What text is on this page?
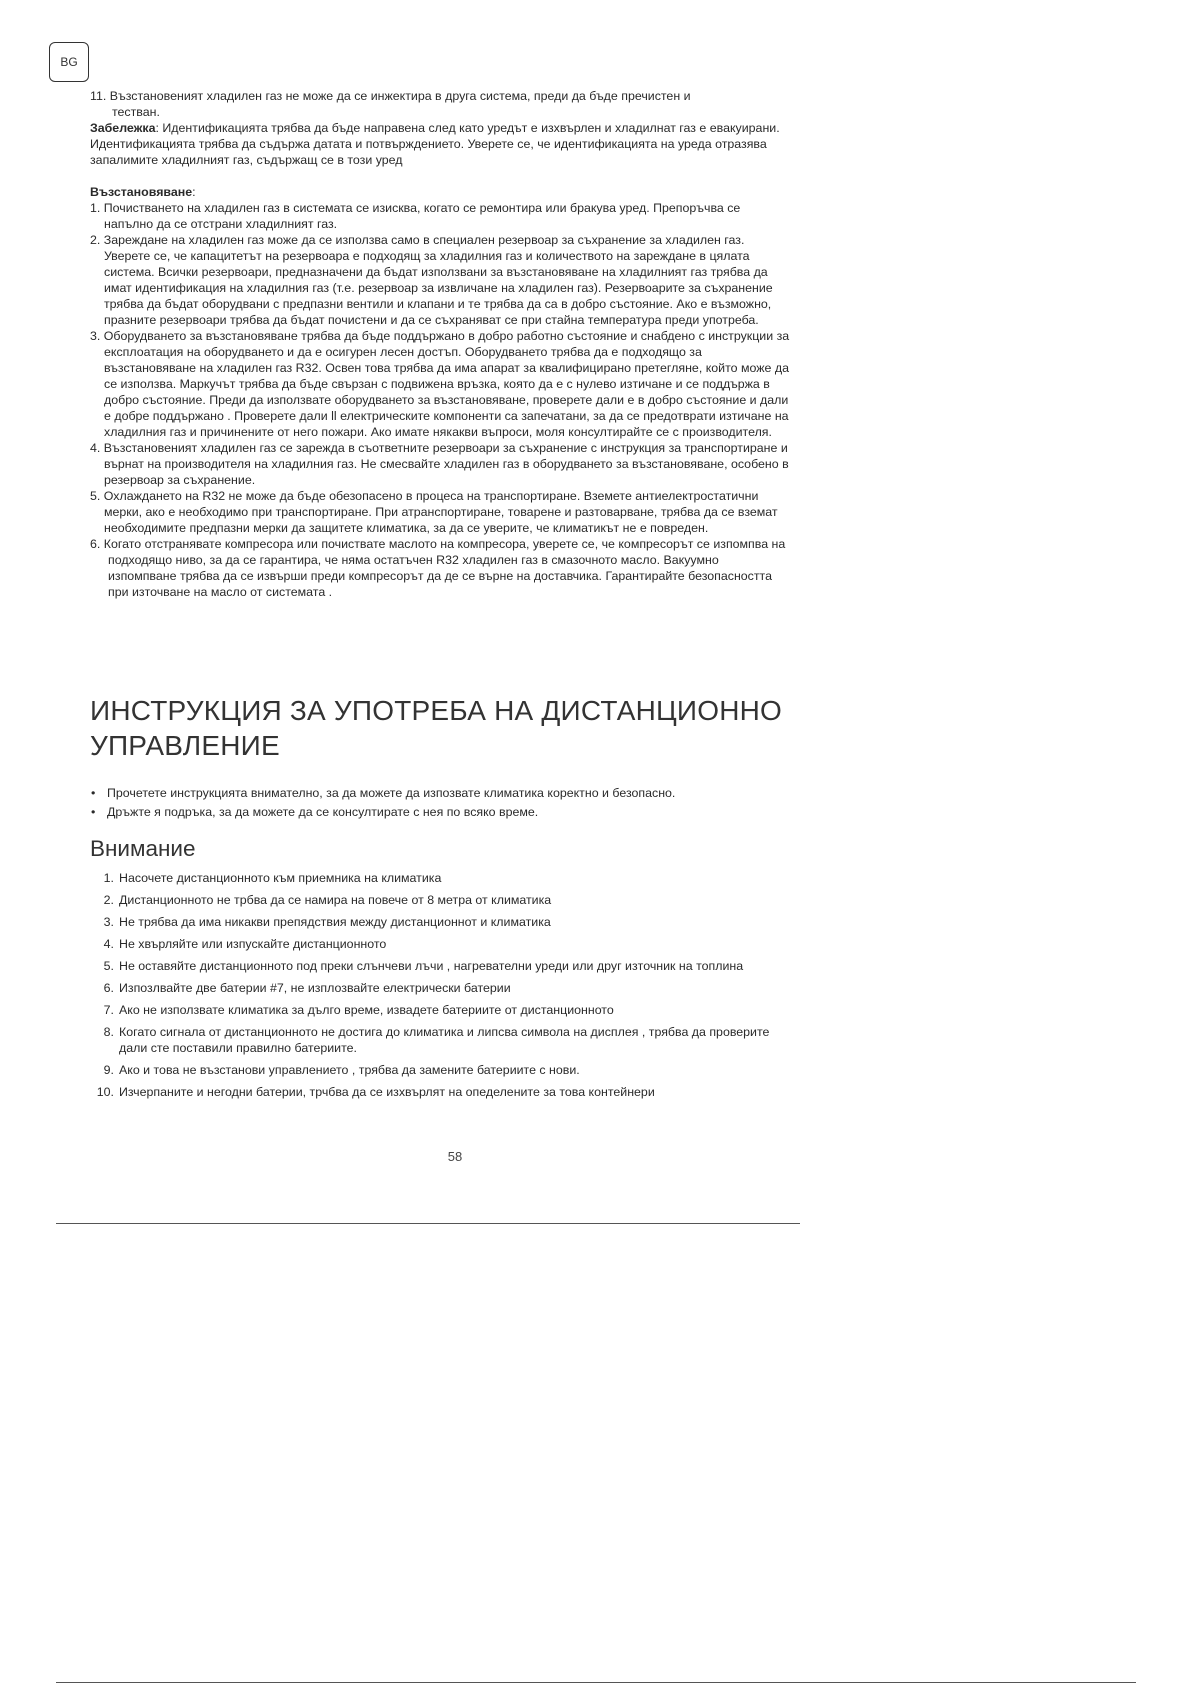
BG

11. Възстановеният хладилен газ не може да се инжектира в друга система, преди да бъде пречистен и

тестван.

Забележка: Идентификацията трябва да бъде направена след като уредът е изхвърлен и хладилнат газ е евакуирани. Идентификацията трябва да съдържа датата и потвърждението. Уверете се, че идентификацията на уреда отразява запалимите хладилният газ, съдържащ се в този уред

Възстановяване:

1. Почистването на хладилен газ в системата се изисква, когато се ремонтира или бракува уред. Препоръчва се напълно да се отстрани хладилният газ.

2. Зареждане на хладилен газ може да се използва само в специален резервоар за съхранение за хладилен газ. Уверете се, че капацитетът на резервоара е подходящ за хладилния газ и количеството на зареждане в цялата система. Всички резервоари, предназначени да бъдат използвани за възстановяване на хладилният газ трябва да имат идентификация на хладилния газ (т.е. резервоар за извличане на хладилен газ). Резервоарите за съхранение трябва да бъдат оборудвани с предпазни вентили и клапани и те трябва да са в добро състояние. Ако е възможно, празните резервоари трябва да бъдат почистени и да се съхраняват се при стайна температура преди употреба.

3. Оборудването за възстановяване трябва да бъде поддържано в добро работно състояние и снабдено с инструкции за експлоатация на оборудването и да е осигурен лесен достъп. Оборудването трябва да е подходящо за възстановяване на хладилен газ R32. Освен това трябва да има апарат за квалифицирано претегляне, който може да се използва. Маркучът трябва да бъде свързан с подвижена връзка, която да е с нулево изтичане и се поддържа в добро състояние. Преди да използвате оборудването за възстановяване, проверете дали е в добро състояние и дали е добре поддържано . Проверете дали ll електрическите компоненти са запечатани, за да се предотврати изтичане на хладилния газ и причинените от него пожари. Ако имате някакви въпроси, моля консултирайте се с производителя.

4. Възстановеният хладилен газ се зарежда в съответните резервоари за съхранение с инструкция за транспортиране и върнат на производителя на хладилния газ. Не смесвайте хладилен газ в оборудването за възстановяване, особено в резервоар за съхранение.

5. Охлаждането на R32 не може да бъде обезопасено в процеса на транспортиране. Вземете антиелектростатични мерки, ако е необходимо при транспортиране. При атранспортиране, товарене и разтоварване, трябва да се вземат необходимите предпазни мерки да защитете климатика, за да се уверите, че климатикът не е повреден.

6. Когато отстранявате компресора или почиствате маслото на компресора, уверете се, че компресорът се изпомпва на подходящо ниво, за да се гарантира, че няма остатъчен R32 хладилен газ в смазочното масло. Вакуумно изпомпване трябва да се извърши преди компресорът да де се върне на доставчика. Гарантирайте безопасността при източване на масло от системата .

ИНСТРУКЦИЯ ЗА УПОТРЕБА НА ДИСТАНЦИОННО УПРАВЛЕНИЕ
• Прочетете инструкцията внимателно, за да можете да изпозвате климатика коректно и безопасно.
• Дръжте я подръка, за да можете да се консултирате с нея по всяко време.
Внимание
1. Насочете дистанционното към приемника на климатика
2. Дистанционното не трбва да се намира на повече от 8 метра от климатика
3. Не трябва да има никакви препядствия между дистанционнот и климатика
4. Не хвърляйте или изпускайте дистанционното
5. Не оставяйте дистанционното под преки слънчеви лъчи , нагревателни уреди или друг източник на топлина
6. Изпозлвайте две батерии #7, не изплозвайте електрически батерии
7. Ако не използвате климатика за дълго време, извадете батериите от дистанционното
8. Когато сигнала от дистанционното не достига до климатика и липсва символа на дисплея , трябва да проверите дали сте поставили правилно батериите.
9. Ако и това не възстанови управлението , трябва да замените батериите с нови.
10. Изчерпаните и негодни батерии, трчбва да се изхвърлят на опеделените за това контейнери
58
